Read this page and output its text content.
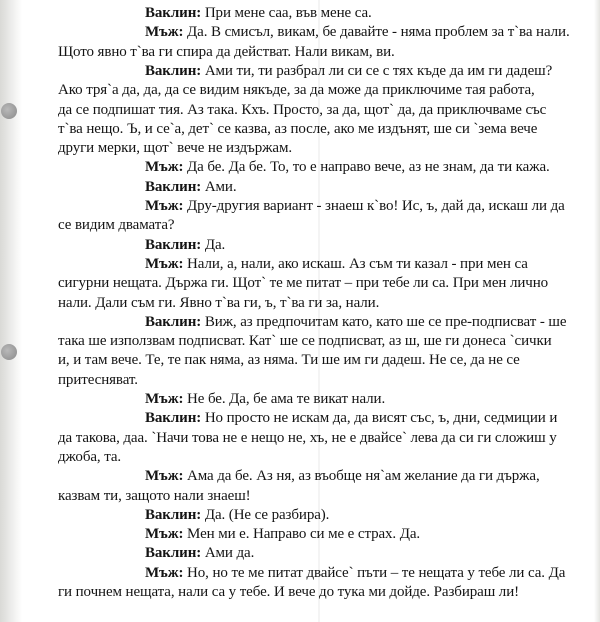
Ваклин: При мене саа, във мене са.
Мъж: Да. В смисъл, викам, бе давайте - няма проблем за т`ва нали.
Щото явно т`ва ги спира да действат. Нали викам, ви.
Ваклин: Ами ти, ти разбрал ли си се с тях къде да им ги дадеш?
Ако тря`а да, да, да се видим някъде, за да може да приключиме тая работа,
да се подпишат тия. Аз така. Кхъ. Просто, за да, щот` да, да приключваме със
т`ва нещо. Ъ, и се`а, дет` се казва, аз после, ако ме издънят, ше си `зема вече
други мерки, щот` вече не издържам.
Мъж: Да бе. Да бе. То, то е направо вече, аз не знам, да ти кажа.
Ваклин: Ами.
Мъж: Дру-другия вариант - знаеш к`во! Ис, ъ, дай да, искаш ли да
се видим двамата?
Ваклин: Да.
Мъж: Нали, а, нали, ако искаш. Аз съм ти казал - при мен са
сигурни нещата. Държа ги. Щот` те ме питат – при тебе ли са. При мен лично
нали. Дали съм ги. Явно т`ва ги, ъ, т`ва ги за, нали.
Ваклин: Виж, аз предпочитам като, като ше се пре-подписват - ше
така ше използвам подписват. Кат` ше се подписват, аз ш, ше ги донеса `сички
и, и там вече. Те, те пак няма, аз няма. Ти ше им ги дадеш. Не се, да не се
притесняват.
Мъж: Не бе. Да, бе ама те викат нали.
Ваклин: Но просто не искам да, да висят със, ъ, дни, седмиции и
да такова, даа. `Начи това не е нещо не, хъ, не е двайсе` лева да си ги сложиш у
джоба, та.
Мъж: Ама да бе. Аз ня, аз въобще ня`ам желание да ги държа,
казвам ти, защото нали знаеш!
Ваклин: Да. (Не се разбира).
Мъж: Мен ми е. Направо си ме е страх. Да.
Ваклин: Ами да.
Мъж: Но, но те ме питат двайсе` пъти – те нещата у тебе ли са. Да
ги почнем нещата, нали са у тебе. И вече до тука ми дойде. Разбираш ли!
